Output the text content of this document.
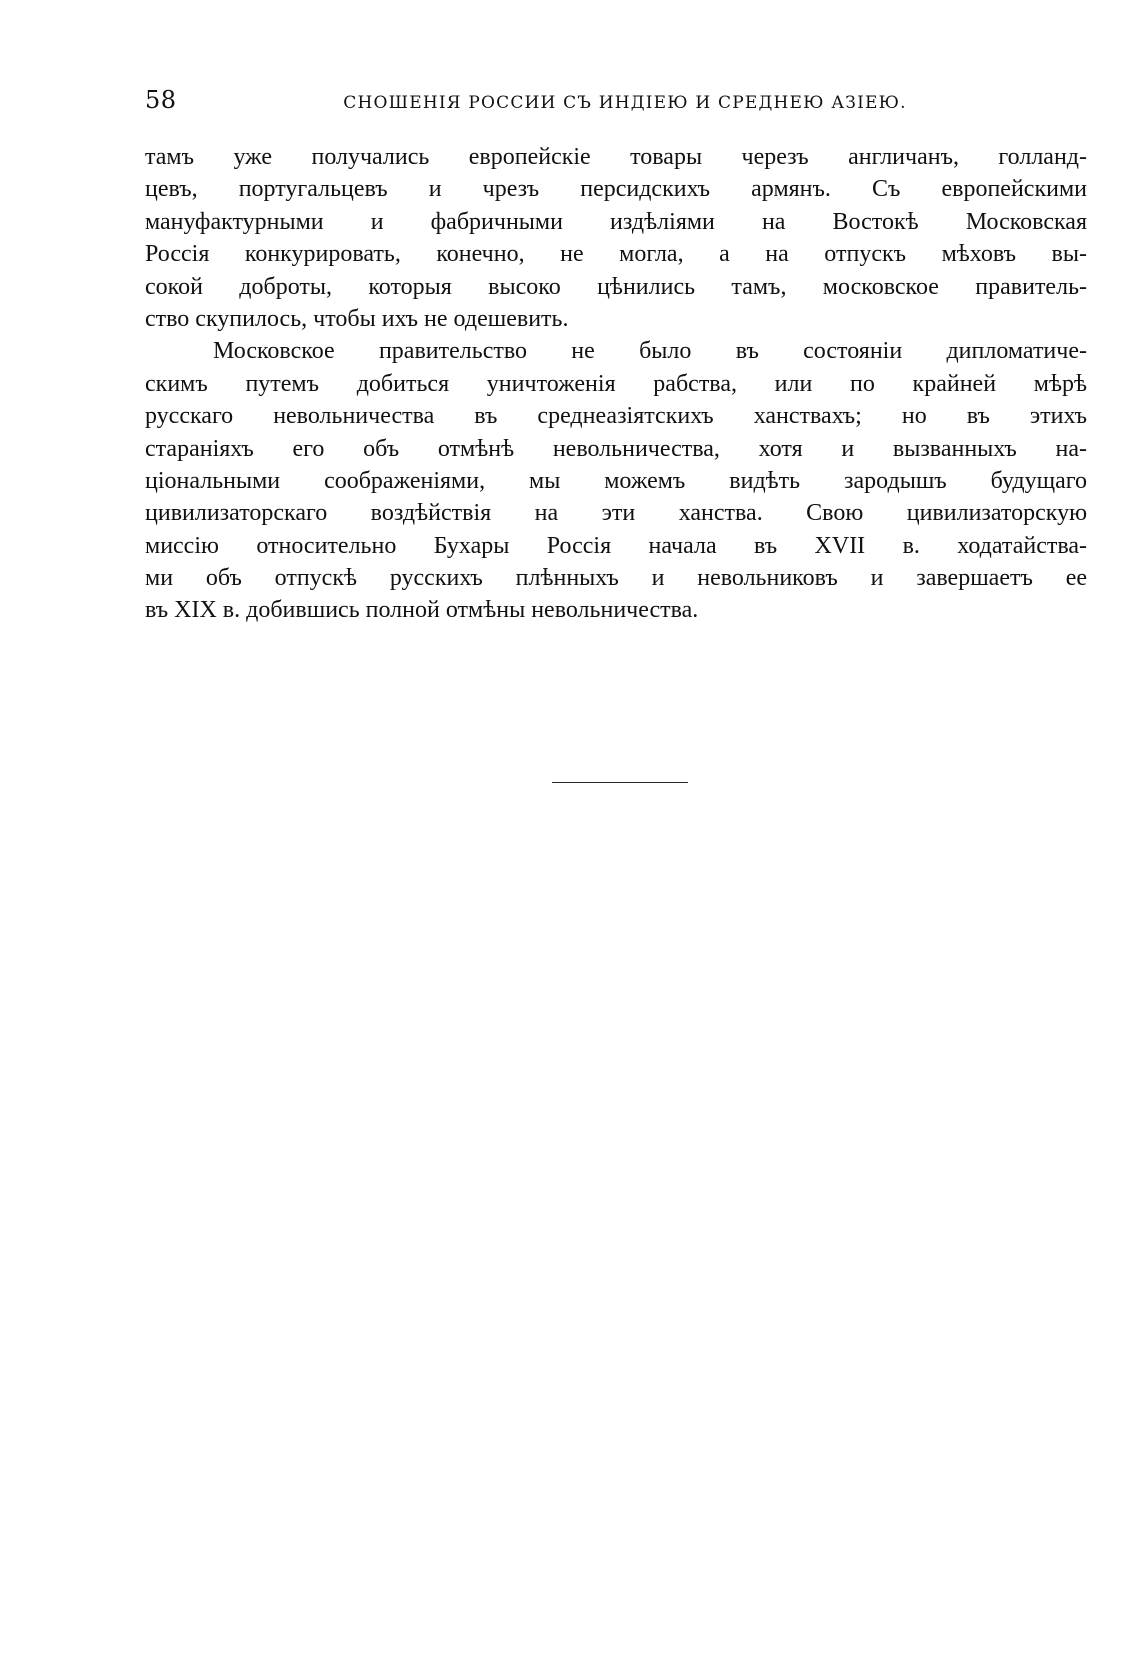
58	СНОШЕНІЯ РОССИИ СЪ ИНДІЕЮ И СРЕДНЕЮ АЗІЕЮ.

тамъ уже получались европейскіе товары черезъ англичанъ, голланд-
цевъ, португальцевъ и чрезъ персидскихъ армянъ. Съ европейскими
мануфактурными и фабричными издѣліями на Востокѣ Московская
Россія конкурировать, конечно, не могла, а на отпускъ мѣховъ вы-
сокой доброты, которыя высоко цѣнились тамъ, московское правитель-
ство скупилось, чтобы ихъ не одешевить.

Московское правительство не было въ состояніи дипломатиче-
скимъ путемъ добиться уничтоженія рабства, или по крайней мѣрѣ
русскаго невольничества въ среднеазіятскихъ ханствахъ; но въ этихъ
стараніяхъ его объ отмѣнѣ невольничества, хотя и вызванныхъ на-
ціональными соображеніями, мы можемъ видѣть зародышъ будущаго
цивилизаторскаго воздѣйствія на эти ханства. Свою цивилизаторскую
миссію относительно Бухары Россія начала въ XVII в. ходатайства-
ми объ отпускѣ русскихъ плѣнныхъ и невольниковъ и завершаетъ ее
въ XIX в. добившись полной отмѣны невольничества.
